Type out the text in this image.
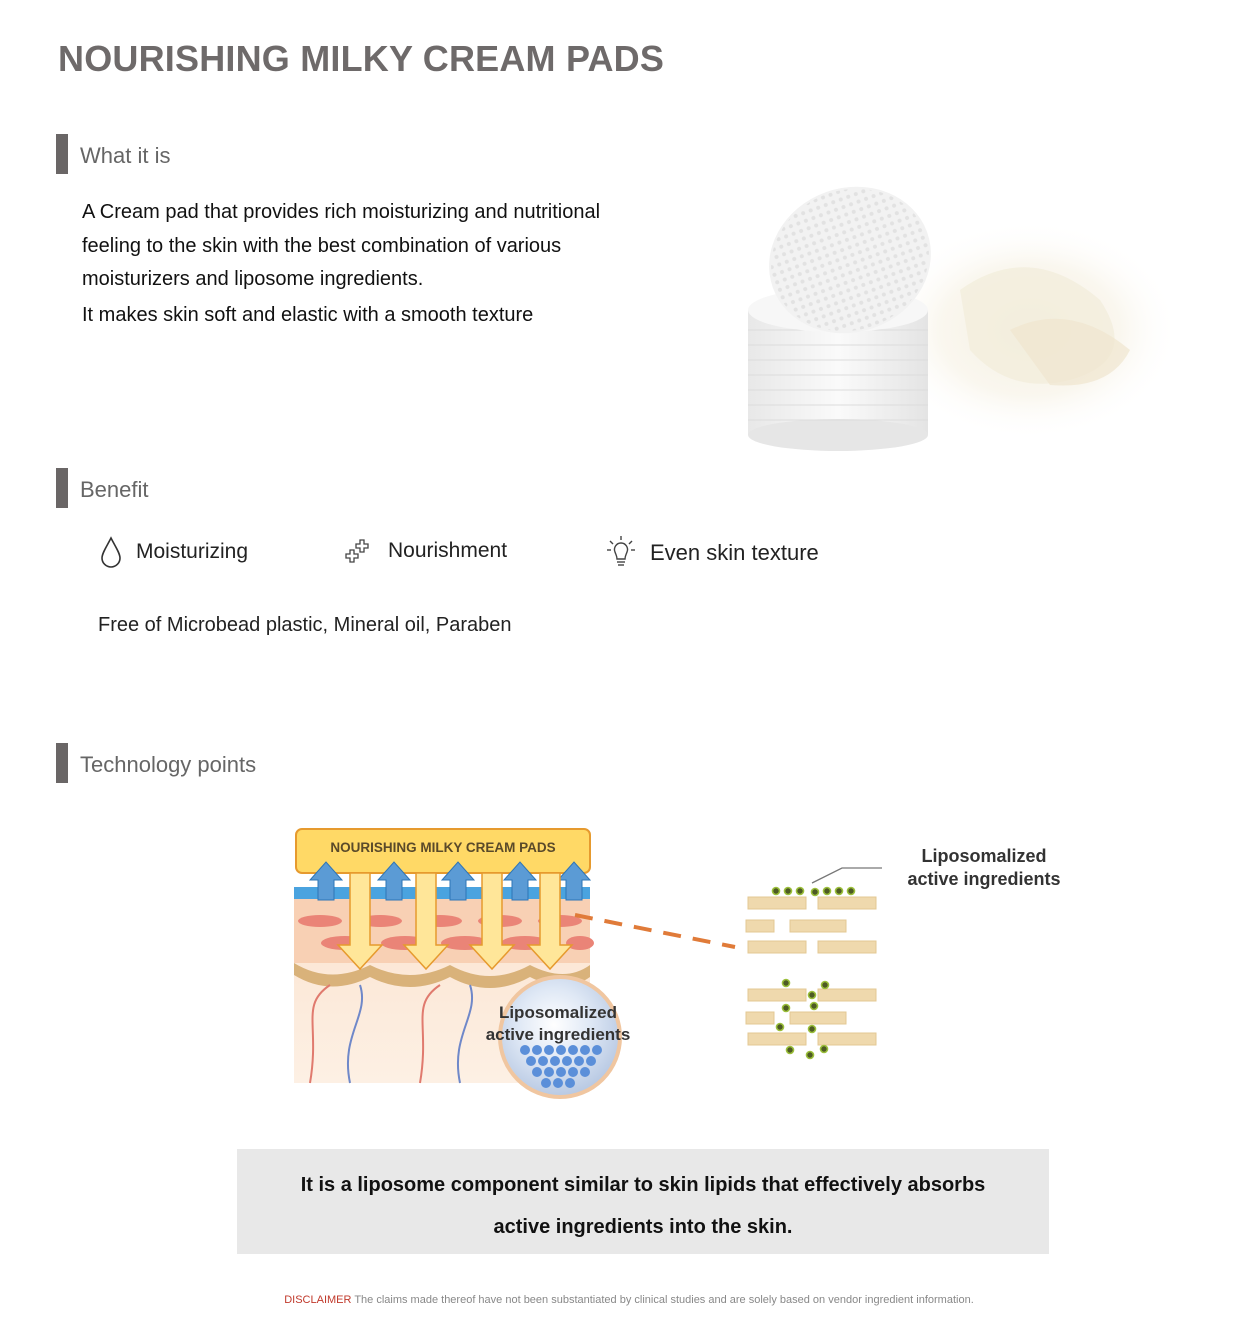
NOURISHING MILKY CREAM PADS
What it is
A Cream pad that provides rich moisturizing and nutritional
feeling to the skin with the best combination of various
moisturizers and liposome ingredients.
It makes skin soft and elastic with a smooth texture
Benefit
Moisturizing	Nourishment	Even skin texture
Free of Microbead plastic, Mineral oil, Paraben
Technology points
NOURISHING MILKY CREAM PADS
Liposomalized
active ingredients
Liposomalized
active ingredients
It is a liposome component similar to skin lipids that effectively absorbs
active ingredients into the skin.
DISCLAIMER The claims made thereof have not been substantiated by clinical studies and are solely based on vendor ingredient information.
